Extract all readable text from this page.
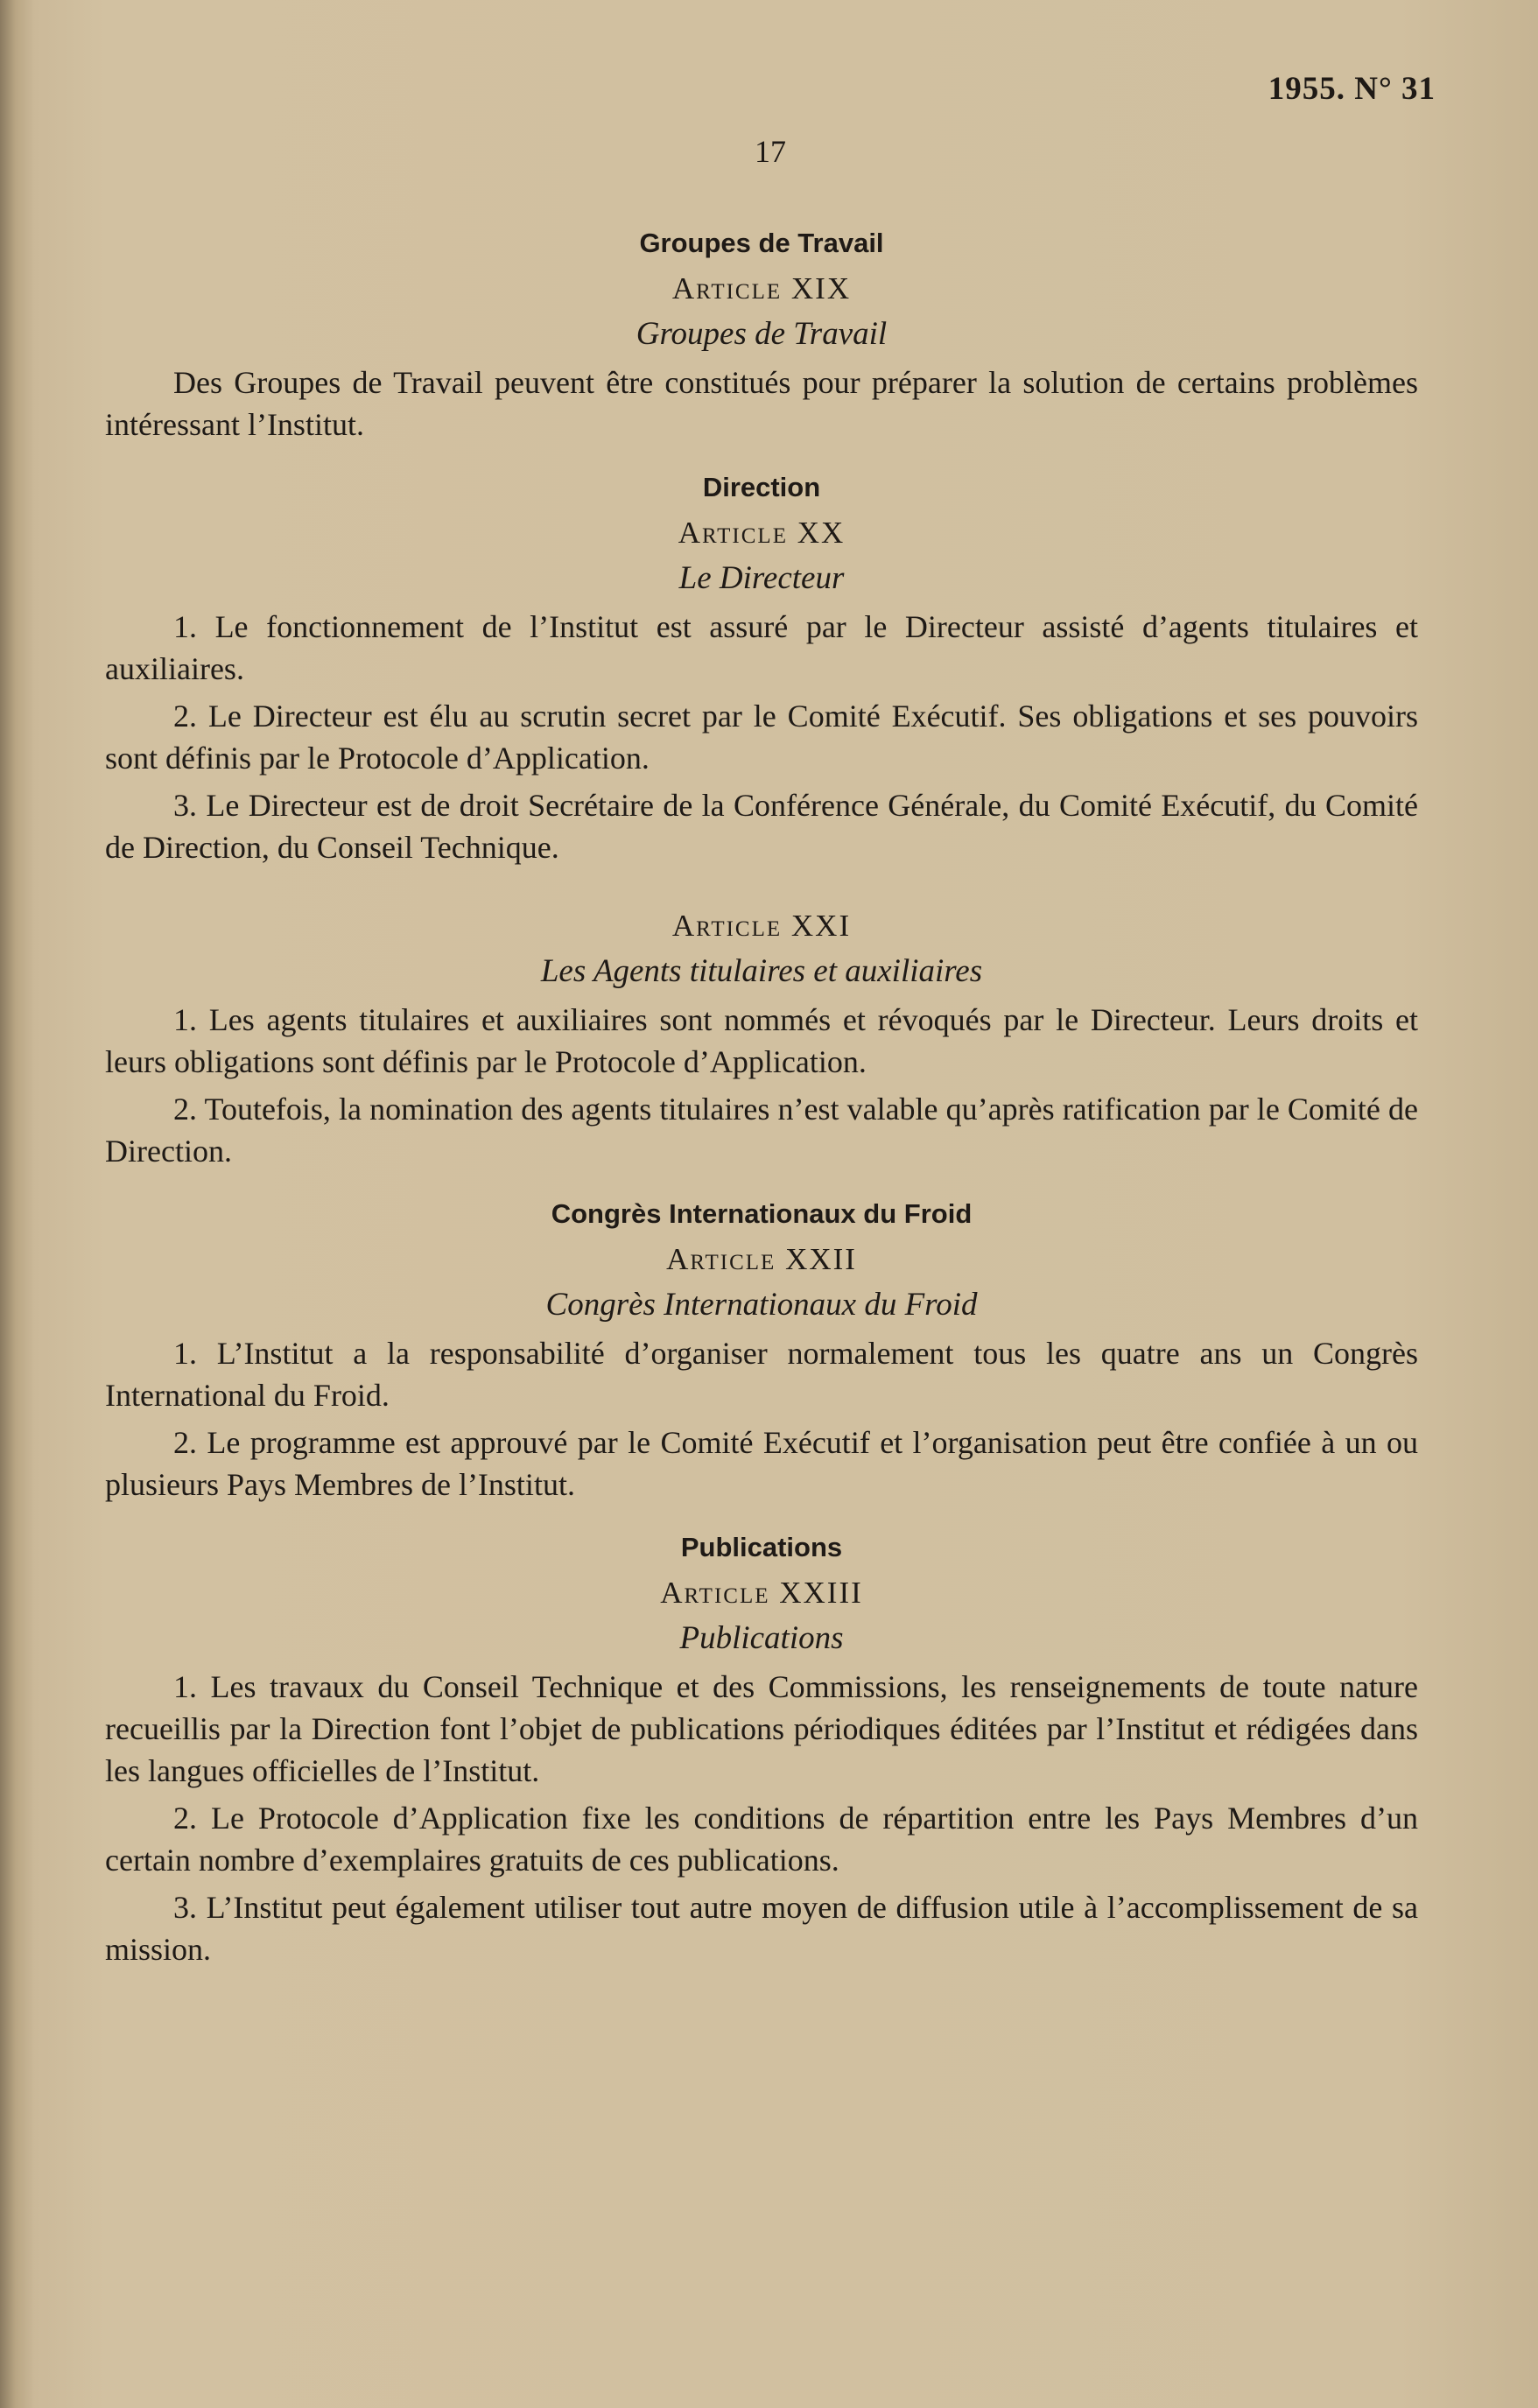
1955. N° 31
17
Groupes de Travail
Article XIX
Groupes de Travail

Des Groupes de Travail peuvent être constitués pour préparer la solution de certains problèmes intéressant l’Institut.

Direction
Article XX
Le Directeur

1. Le fonctionnement de l’Institut est assuré par le Directeur assisté d’agents titulaires et auxiliaires.

2. Le Directeur est élu au scrutin secret par le Comité Exécutif. Ses obligations et ses pouvoirs sont définis par le Protocole d’Application.

3. Le Directeur est de droit Secrétaire de la Conférence Générale, du Comité Exécutif, du Comité de Direction, du Conseil Technique.

Article XXI
Les Agents titulaires et auxiliaires

1. Les agents titulaires et auxiliaires sont nommés et révoqués par le Directeur. Leurs droits et leurs obligations sont définis par le Protocole d’Application.

2. Toutefois, la nomination des agents titulaires n’est valable qu’après ratification par le Comité de Direction.

Congrès Internationaux du Froid
Article XXII
Congrès Internationaux du Froid

1. L’Institut a la responsabilité d’organiser normalement tous les quatre ans un Congrès International du Froid.

2. Le programme est approuvé par le Comité Exécutif et l’organisation peut être confiée à un ou plusieurs Pays Membres de l’Institut.

Publications
Article XXIII
Publications

1. Les travaux du Conseil Technique et des Commissions, les renseignements de toute nature recueillis par la Direction font l’objet de publications périodiques éditées par l’Institut et rédigées dans les langues officielles de l’Institut.

2. Le Protocole d’Application fixe les conditions de répartition entre les Pays Membres d’un certain nombre d’exemplaires gratuits de ces publications.

3. L’Institut peut également utiliser tout autre moyen de diffusion utile à l’accomplissement de sa mission.
